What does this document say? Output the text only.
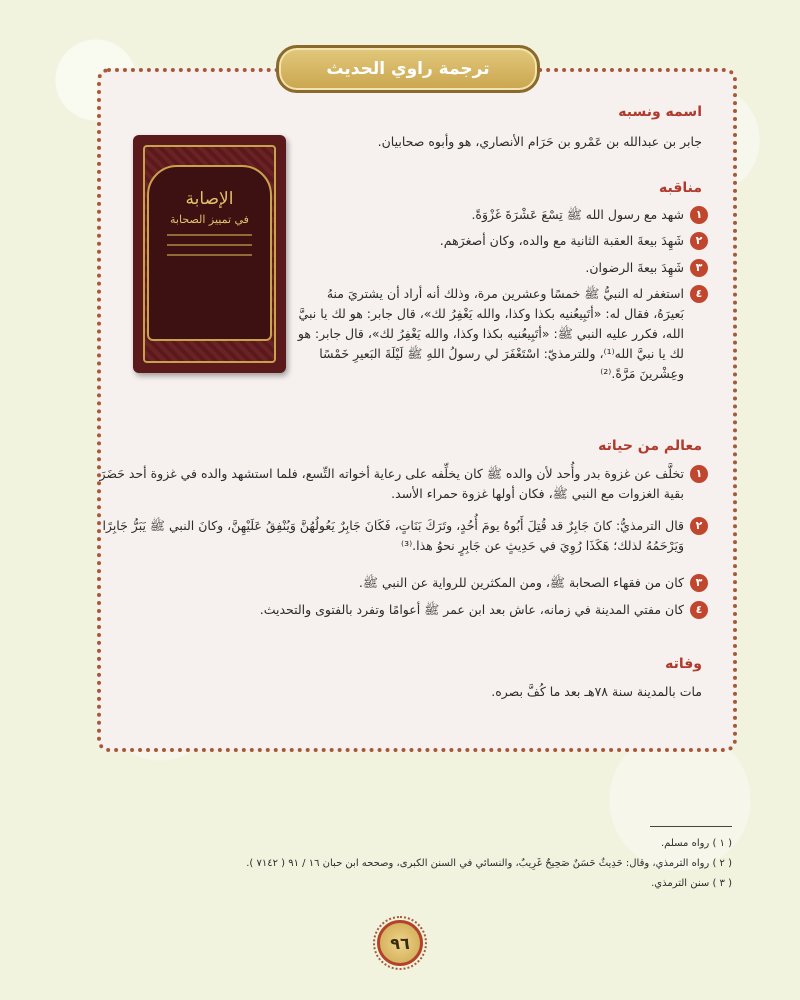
ترجمة راوي الحديث
الإصابة
في تمييز الصحابة
اسمه ونسبه
جابر بن عبدالله بن عَمْرو بن حَرَام الأنصاري، هو وأبوه صحابيان.
مناقبه
١
شهد مع رسول الله ﷺ تِسْعَ عَشْرَةَ غَزْوَةً.
٢
شَهِدَ بيعةَ العقبة الثانية مع والده، وكان أصغرَهم.
٣
شَهِدَ بيعةَ الرضوان.
٤
استغفر له النبيُّ ﷺ خمسًا وعشرين مرة، وذلك أنه أراد أن يشتريَ منهُ بَعيرَهُ، فقال له: «أتَبِيعُنيه بكذا وكذا، والله يَغْفِرُ لك»، قال جابر: هو لك يا نبيَّ الله، فكرر عليه النبي ﷺ: «أتَبِيعُنيه بكذا وكذا، والله يَغْفِرُ لك»، قال جابر: هو لك يا نبيَّ الله⁽¹⁾، وللترمذيّ: اسْتَغْفَرَ لي رسولُ اللهِ ﷺ لَيْلَةَ البَعيرِ خَمْسًا وعِشْرينَ مَرَّةً.⁽²⁾
معالم من حياته
١
تخلَّف عن غزوة بدر وأُحد لأن والده ﷺ كان يخلِّفه على رعاية أخواته التِّسع، فلما استشهد والده في غزوة أحد حَضَرَ بقية الغزوات مع النبي ﷺ، فكان أولها غزوة حمراء الأسد.
٢
قال الترمذيُّ: كانَ جَابِرٌ قد قُتِلَ أَبُوهُ يومَ أُحُدٍ، وتَرَكَ بَنَاتٍ، فَكَانَ جَابِرٌ يَعُولُهُنَّ وَيُنْفِقُ عَلَيْهِنَّ، وكانَ النبي ﷺ يَبَرُّ جَابِرًا وَيَرْحَمُهُ لذلك؛ هَكَذَا رُوِيَ في حَدِيثٍ عن جَابِرٍ نحوُ هذا.⁽³⁾
٣
كان من فقهاء الصحابة ﷺ، ومن المكثرين للرواية عن النبي ﷺ.
٤
كان مفتي المدينة في زمانه، عاش بعد ابن عمر ﷺ أعوامًا وتفرد بالفتوى والتحديث.
وفاته
مات بالمدينة سنة ٧٨هـ بعد ما كُفَّ بصره.
( ١ ) رواه مسلم.
( ٢ ) رواه الترمذي، وقال: حَدِيثٌ حَسَنٌ صَحِيحٌ غَرِيبٌ، والنسائي في السنن الكبرى، وصححه ابن حبان ١٦ / ٩١ ( ٧١٤٢ ).
( ٣ ) سنن الترمذي.
٩٦
